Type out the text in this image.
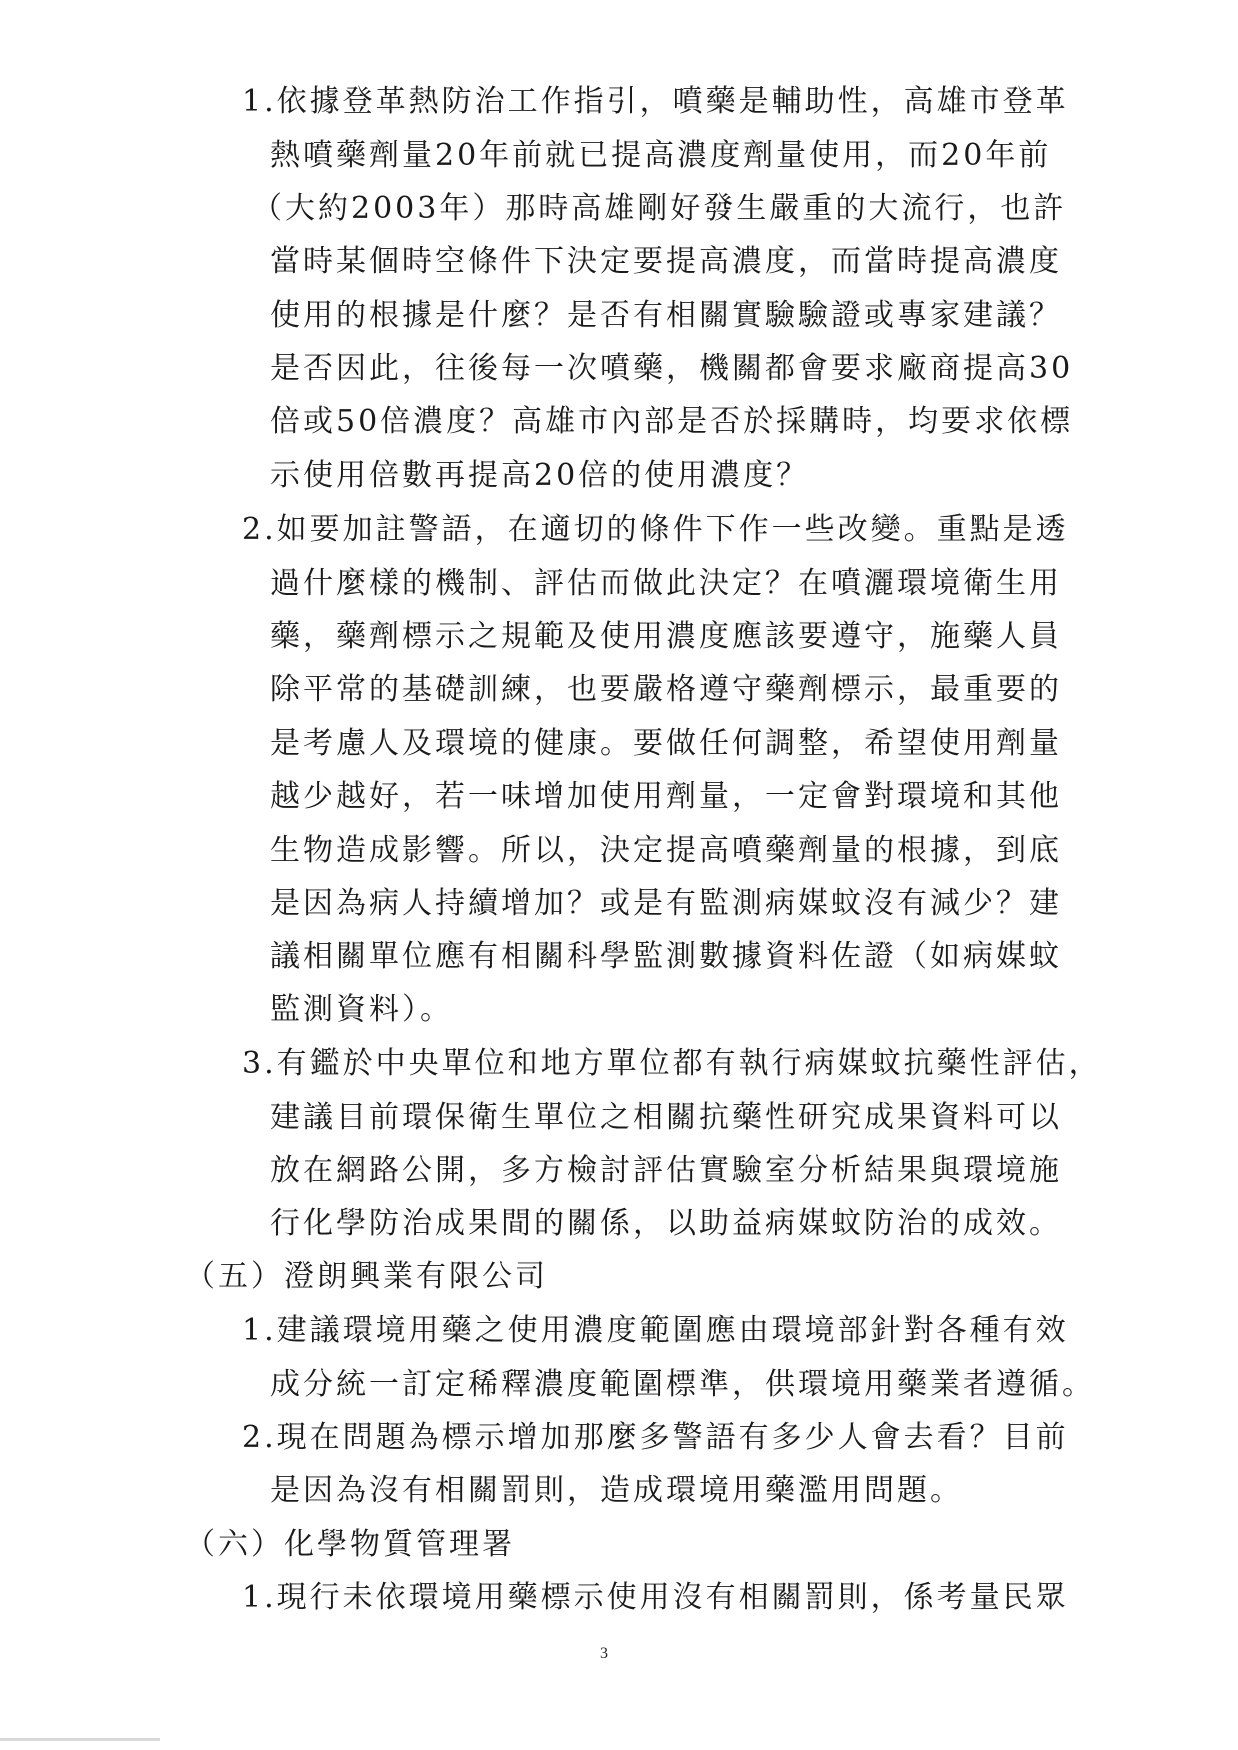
1.依據登革熱防治工作指引，噴藥是輔助性，高雄市登革
熱噴藥劑量20年前就已提高濃度劑量使用，而20年前
（大約2003年）那時高雄剛好發生嚴重的大流行，也許
當時某個時空條件下決定要提高濃度，而當時提高濃度
使用的根據是什麼？是否有相關實驗驗證或專家建議？
是否因此，往後每一次噴藥，機關都會要求廠商提高30
倍或50倍濃度？高雄市內部是否於採購時，均要求依標
示使用倍數再提高20倍的使用濃度？
2.如要加註警語，在適切的條件下作一些改變。重點是透
過什麼樣的機制、評估而做此決定？在噴灑環境衛生用
藥，藥劑標示之規範及使用濃度應該要遵守，施藥人員
除平常的基礎訓練，也要嚴格遵守藥劑標示，最重要的
是考慮人及環境的健康。要做任何調整，希望使用劑量
越少越好，若一味增加使用劑量，一定會對環境和其他
生物造成影響。所以，決定提高噴藥劑量的根據，到底
是因為病人持續增加？或是有監測病媒蚊沒有減少？建
議相關單位應有相關科學監測數據資料佐證（如病媒蚊
監測資料）。
3.有鑑於中央單位和地方單位都有執行病媒蚊抗藥性評估，
建議目前環保衛生單位之相關抗藥性研究成果資料可以
放在網路公開，多方檢討評估實驗室分析結果與環境施
行化學防治成果間的關係，以助益病媒蚊防治的成效。
（五）澄朗興業有限公司
1.建議環境用藥之使用濃度範圍應由環境部針對各種有效
成分統一訂定稀釋濃度範圍標準，供環境用藥業者遵循。
2.現在問題為標示增加那麼多警語有多少人會去看？目前
是因為沒有相關罰則，造成環境用藥濫用問題。
（六）化學物質管理署
1.現行未依環境用藥標示使用沒有相關罰則，係考量民眾
3
